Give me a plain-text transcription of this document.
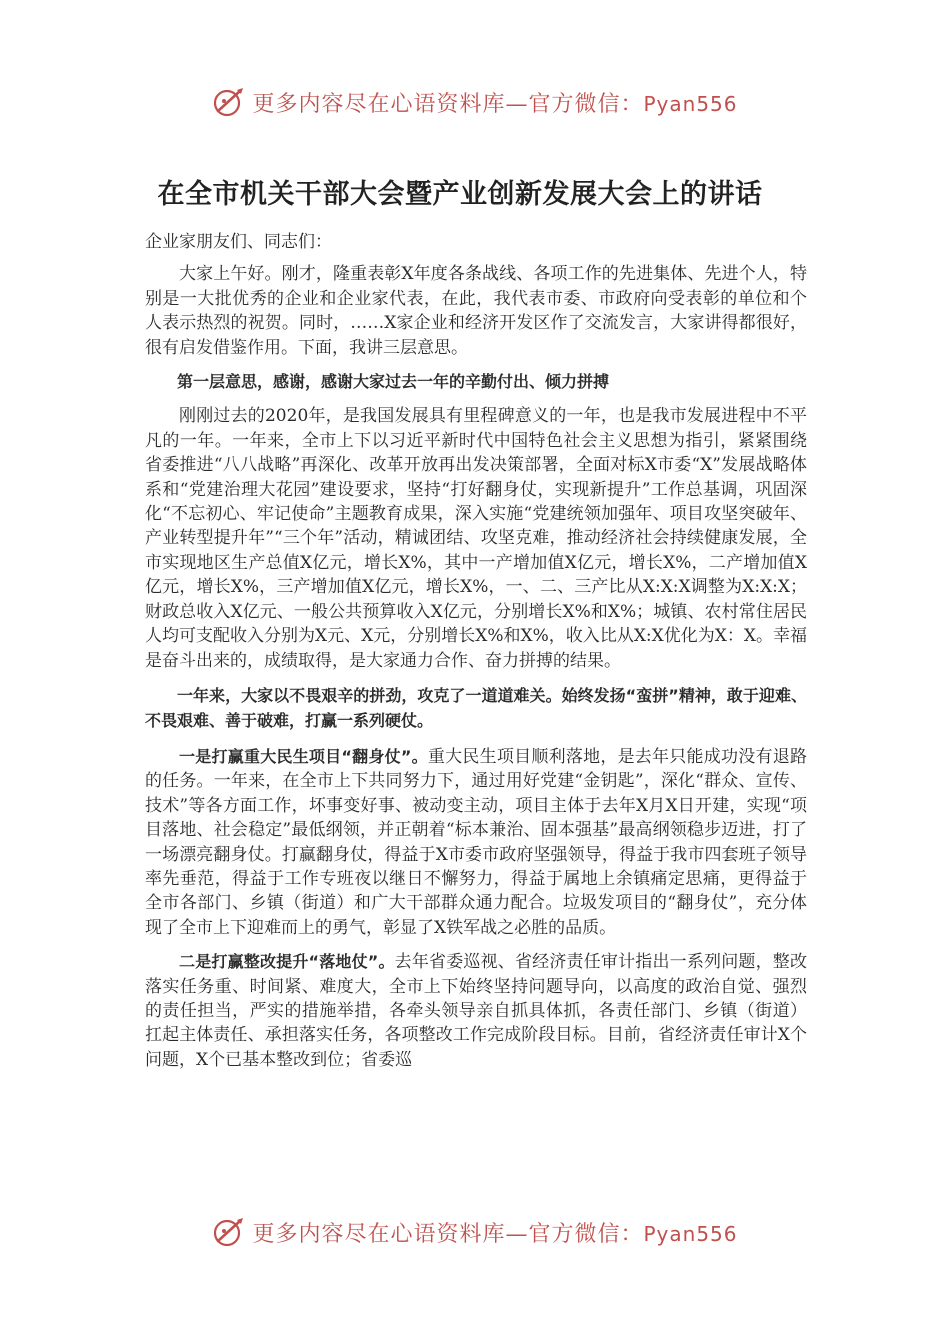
更多内容尽在心语资料库—官方微信：Pyan556
在全市机关干部大会暨产业创新发展大会上的讲话

企业家朋友们、同志们：

大家上午好。刚才，隆重表彰X年度各条战线、各项工作的先进集体、先进个人，特别是一大批优秀的企业和企业家代表，在此，我代表市委、市政府向受表彰的单位和个人表示热烈的祝贺。同时，……X家企业和经济开发区作了交流发言，大家讲得都很好，很有启发借鉴作用。下面，我讲三层意思。

第一层意思，感谢，感谢大家过去一年的辛勤付出、倾力拼搏

刚刚过去的2020年，是我国发展具有里程碑意义的一年，也是我市发展进程中不平凡的一年。一年来，全市上下以习近平新时代中国特色社会主义思想为指引，紧紧围绕省委推进“八八战略”再深化、改革开放再出发决策部署，全面对标X市委“X”发展战略体系和“党建治理大花园”建设要求，坚持“打好翻身仗，实现新提升”工作总基调，巩固深化“不忘初心、牢记使命”主题教育成果，深入实施“党建统领加强年、项目攻坚突破年、产业转型提升年”“三个年”活动，精诚团结、攻坚克难，推动经济社会持续健康发展，全市实现地区生产总值X亿元，增长X%，其中一产增加值X亿元，增长X%，二产增加值X亿元，增长X%，三产增加值X亿元，增长X%，一、二、三产比从X:X:X调整为X:X:X；财政总收入X亿元、一般公共预算收入X亿元，分别增长X%和X%；城镇、农村常住居民人均可支配收入分别为X元、X元，分别增长X%和X%，收入比从X:X优化为X：X。幸福是奋斗出来的，成绩取得，是大家通力合作、奋力拼搏的结果。

一年来，大家以不畏艰辛的拼劲，攻克了一道道难关。始终发扬“蛮拼”精神，敢于迎难、不畏艰难、善于破难，打赢一系列硬仗。

一是打赢重大民生项目“翻身仗”。重大民生项目顺利落地，是去年只能成功没有退路的任务。一年来，在全市上下共同努力下，通过用好党建“金钥匙”，深化“群众、宣传、技术”等各方面工作，坏事变好事、被动变主动，项目主体于去年X月X日开建，实现“项目落地、社会稳定”最低纲领，并正朝着“标本兼治、固本强基”最高纲领稳步迈进，打了一场漂亮翻身仗。打赢翻身仗，得益于X市委市政府坚强领导，得益于我市四套班子领导率先垂范，得益于工作专班夜以继日不懈努力，得益于属地上余镇痛定思痛，更得益于全市各部门、乡镇（街道）和广大干部群众通力配合。垃圾发项目的“翻身仗”，充分体现了全市上下迎难而上的勇气，彰显了X铁军战之必胜的品质。

二是打赢整改提升“落地仗”。去年省委巡视、省经济责任审计指出一系列问题，整改落实任务重、时间紧、难度大，全市上下始终坚持问题导向，以高度的政治自觉、强烈的责任担当，严实的措施举措，各牵头领导亲自抓具体抓，各责任部门、乡镇（街道）扛起主体责任、承担落实任务，各项整改工作完成阶段目标。目前，省经济责任审计X个问题，X个已基本整改到位；省委巡

更多内容尽在心语资料库—官方微信：Pyan556
